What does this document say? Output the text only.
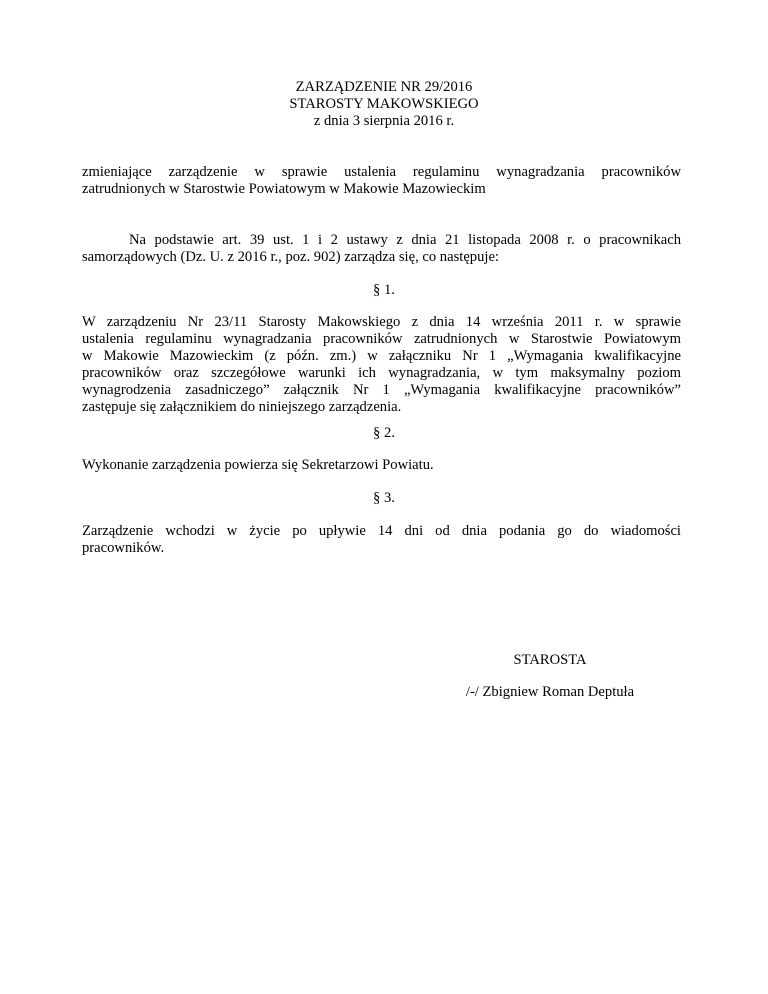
ZARZĄDZENIE NR 29/2016
STAROSTY MAKOWSKIEGO
z dnia 3 sierpnia 2016 r.
zmieniające zarządzenie w sprawie ustalenia regulaminu wynagradzania pracowników
zatrudnionych w Starostwie Powiatowym w Makowie Mazowieckim
Na podstawie art. 39 ust. 1 i 2 ustawy z dnia 21 listopada 2008 r. o pracownikach
samorządowych (Dz. U. z 2016 r., poz. 902) zarządza się, co następuje:
§ 1.
W zarządzeniu Nr 23/11 Starosty Makowskiego z dnia 14 września 2011 r. w sprawie
ustalenia regulaminu wynagradzania pracowników zatrudnionych w Starostwie Powiatowym
w Makowie Mazowieckim (z późn. zm.) w załączniku Nr 1 „Wymagania kwalifikacyjne
pracowników oraz szczegółowe warunki ich wynagradzania, w tym maksymalny poziom
wynagrodzenia zasadniczego” załącznik Nr 1 „Wymagania kwalifikacyjne pracowników”
zastępuje się załącznikiem do niniejszego zarządzenia.
§ 2.
Wykonanie zarządzenia powierza się Sekretarzowi Powiatu.
§ 3.
Zarządzenie wchodzi w życie po upływie 14 dni od dnia podania go do wiadomości
pracowników.
STAROSTA
/-/ Zbigniew Roman Deptuła
